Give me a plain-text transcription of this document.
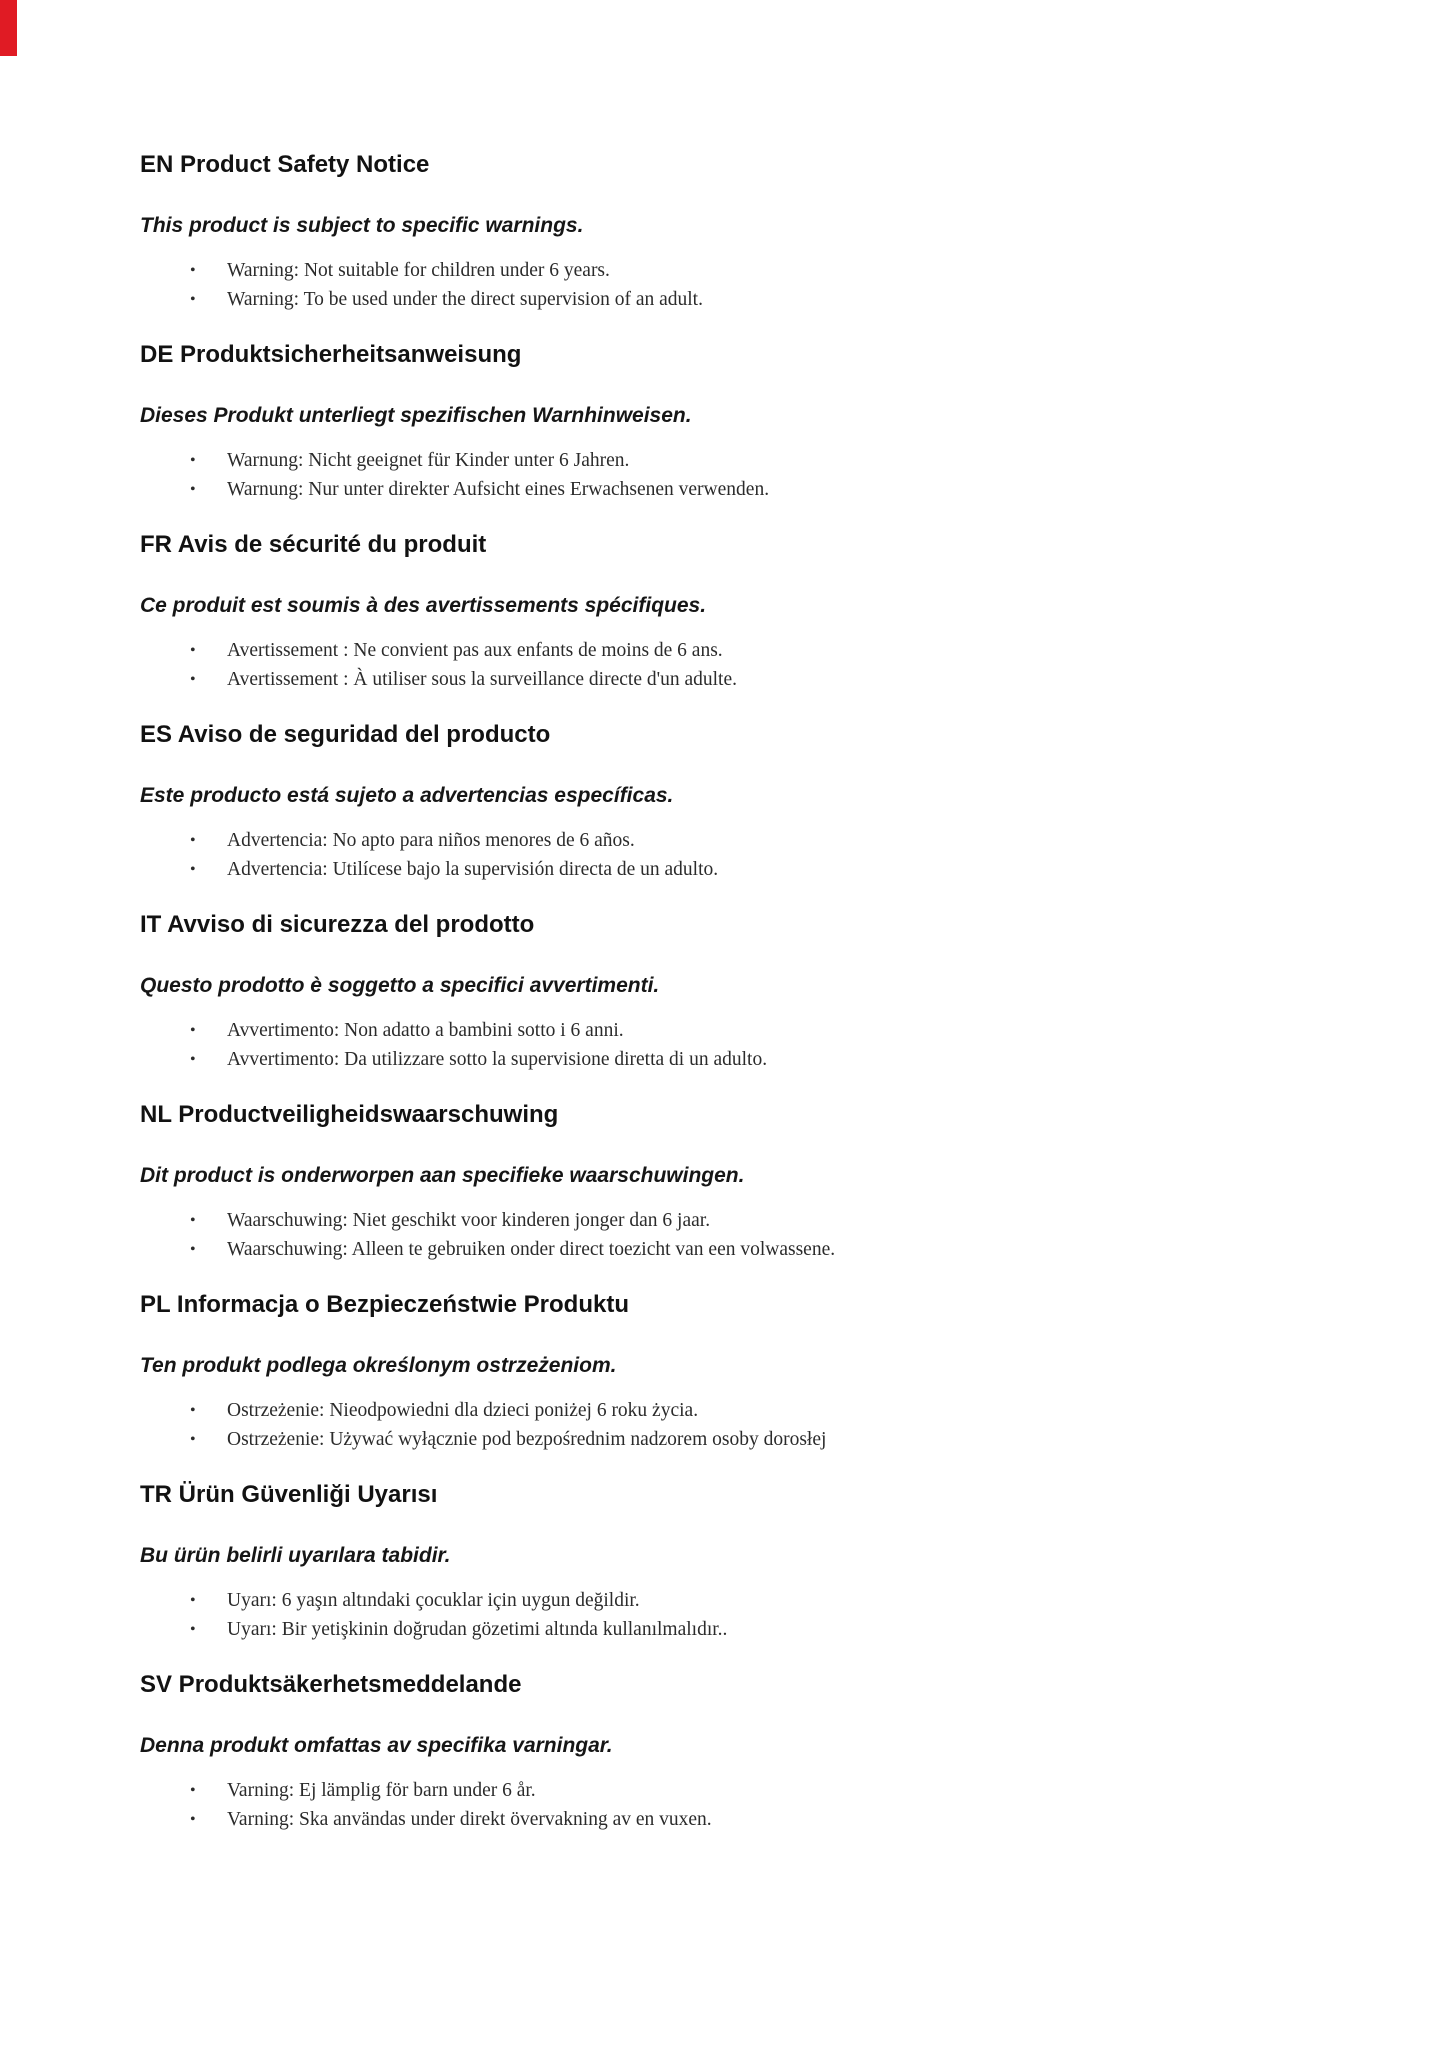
EN Product Safety Notice

This product is subject to specific warnings.

•	Warning: Not suitable for children under 6 years.
•	Warning: To be used under the direct supervision of an adult.
DE Produktsicherheitsanweisung

Dieses Produkt unterliegt spezifischen Warnhinweisen.

•	Warnung: Nicht geeignet für Kinder unter 6 Jahren.
•	Warnung: Nur unter direkter Aufsicht eines Erwachsenen verwenden.
FR Avis de sécurité du produit

Ce produit est soumis à des avertissements spécifiques.

•	Avertissement : Ne convient pas aux enfants de moins de 6 ans.
•	Avertissement : À utiliser sous la surveillance directe d'un adulte.
ES Aviso de seguridad del producto

Este producto está sujeto a advertencias específicas.

•	Advertencia: No apto para niños menores de 6 años.
•	Advertencia: Utilícese bajo la supervisión directa de un adulto.
IT Avviso di sicurezza del prodotto

Questo prodotto è soggetto a specifici avvertimenti.

•	Avvertimento: Non adatto a bambini sotto i 6 anni.
•	Avvertimento: Da utilizzare sotto la supervisione diretta di un adulto.
NL Productveiligheidswaarschuwing

Dit product is onderworpen aan specifieke waarschuwingen.

•	Waarschuwing: Niet geschikt voor kinderen jonger dan 6 jaar.
•	Waarschuwing: Alleen te gebruiken onder direct toezicht van een volwassene.
PL Informacja o Bezpieczeństwie Produktu

Ten produkt podlega określonym ostrzeżeniom.

•	Ostrzeżenie: Nieodpowiedni dla dzieci poniżej 6 roku życia.
•	Ostrzeżenie: Używać wyłącznie pod bezpośrednim nadzorem osoby dorosłej
TR Ürün Güvenliği Uyarısı

Bu ürün belirli uyarılara tabidir.

•	Uyarı: 6 yaşın altındaki çocuklar için uygun değildir.
•	Uyarı: Bir yetişkinin doğrudan gözetimi altında kullanılmalıdır..
SV Produktsäkerhetsmeddelande

Denna produkt omfattas av specifika varningar.

•	Varning: Ej lämplig för barn under 6 år.
•	Varning: Ska användas under direkt övervakning av en vuxen.
